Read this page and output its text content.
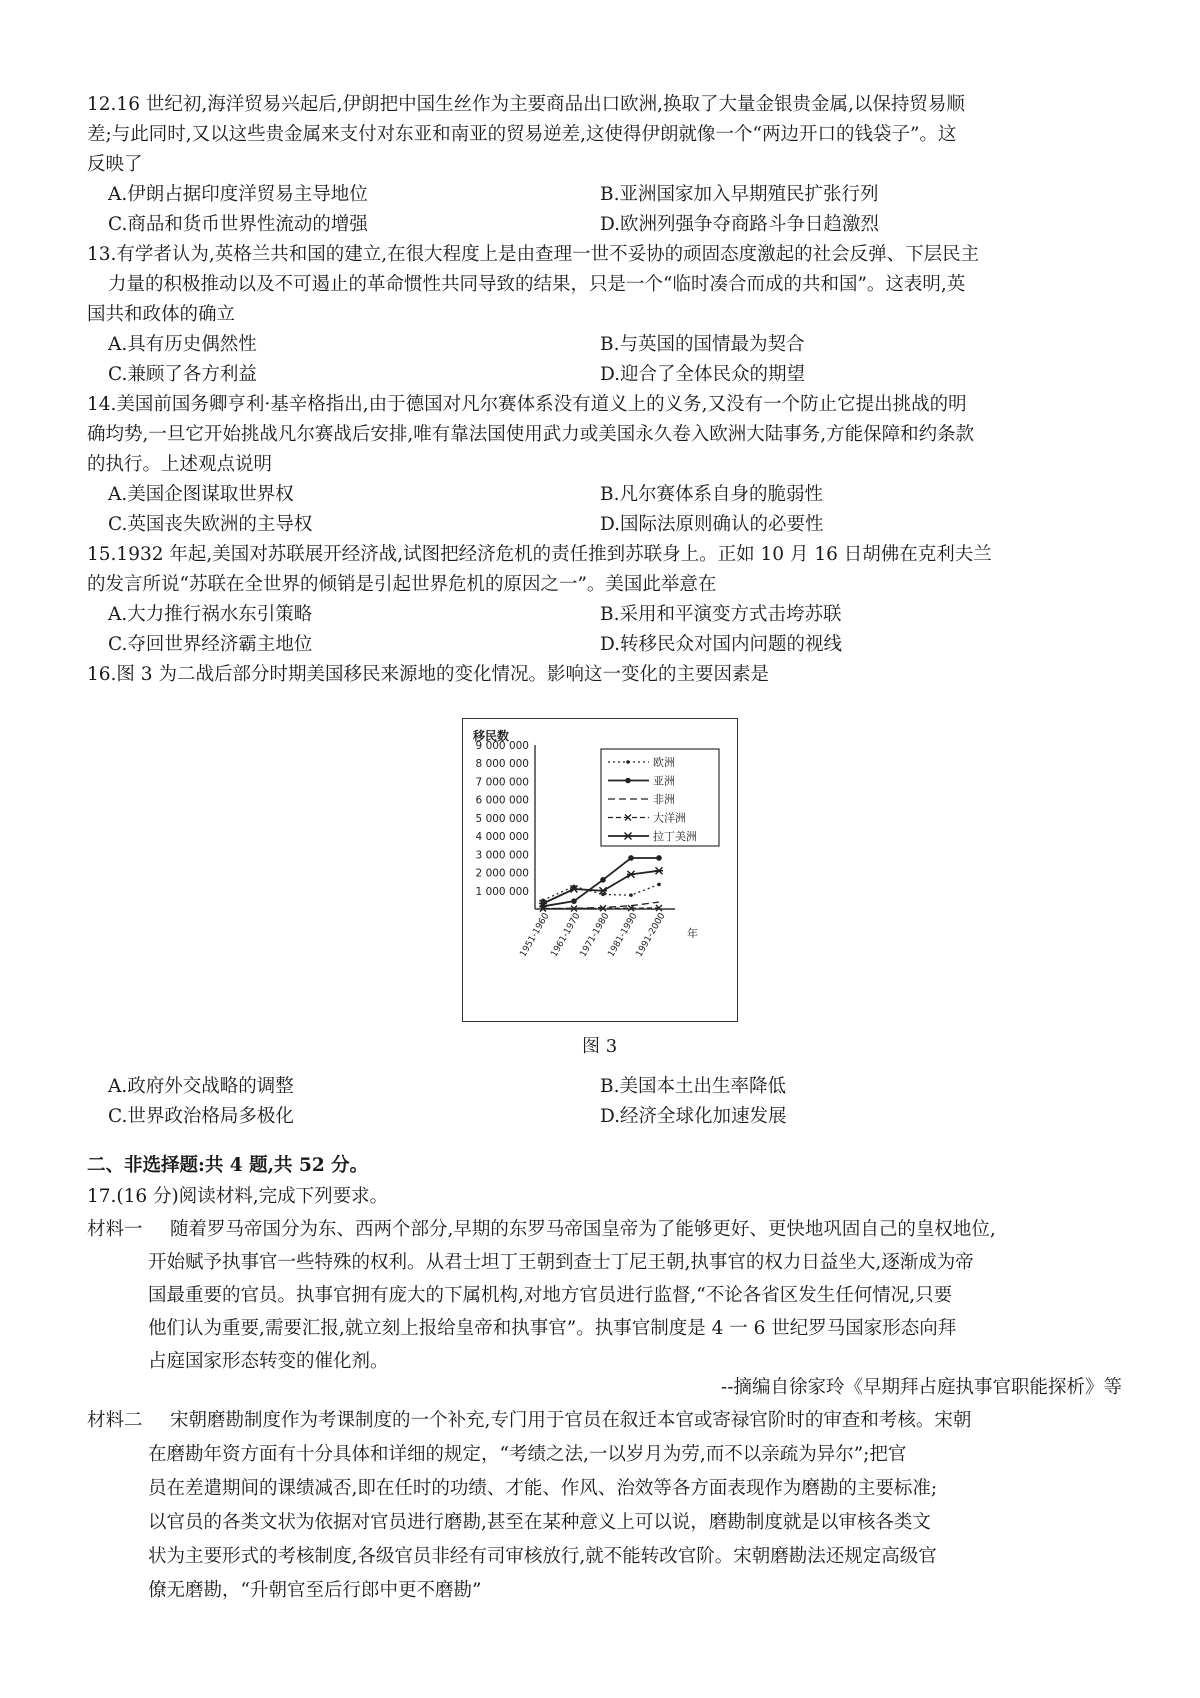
12.16 世纪初,海洋贸易兴起后,伊朗把中国生丝作为主要商品出口欧洲,换取了大量金银贵金属,以保持贸易顺
差;与此同时,又以这些贵金属来支付对东亚和南亚的贸易逆差,这使得伊朗就像一个“两边开口的钱袋子”。这
反映了
A.伊朗占据印度洋贸易主导地位	B.亚洲国家加入早期殖民扩张行列
C.商品和货币世界性流动的增强	D.欧洲列强争夺商路斗争日趋激烈
13.有学者认为,英格兰共和国的建立,在很大程度上是由查理一世不妥协的顽固态度激起的社会反弹、下层民主
力量的积极推动以及不可遏止的革命惯性共同导致的结果，只是一个“临时凑合而成的共和国”。这表明,英
国共和政体的确立
A.具有历史偶然性	B.与英国的国情最为契合
C.兼顾了各方利益	D.迎合了全体民众的期望
14.美国前国务卿亨利·基辛格指出,由于德国对凡尔赛体系没有道义上的义务,又没有一个防止它提出挑战的明
确均势,一旦它开始挑战凡尔赛战后安排,唯有靠法国使用武力或美国永久卷入欧洲大陆事务,方能保障和约条款
的执行。上述观点说明
A.美国企图谋取世界权	B.凡尔赛体系自身的脆弱性
C.英国丧失欧洲的主导权	D.国际法原则确认的必要性
15.1932 年起,美国对苏联展开经济战,试图把经济危机的责任推到苏联身上。正如 10 月 16 日胡佛在克利夫兰
的发言所说“苏联在全世界的倾销是引起世界危机的原因之一”。美国此举意在
A.大力推行祸水东引策略	B.采用和平演变方式击垮苏联
C.夺回世界经济霸主地位	D.转移民众对国内问题的视线
16.图 3 为二战后部分时期美国移民来源地的变化情况。影响这一变化的主要因素是
移民数
9 000 000
8 000 000
7 000 000
6 000 000
5 000 000
4 000 000
3 000 000
2 000 000
1 000 000
1951-1960
1961-1970
1971-1980
1981-1990
1991-2000 年
欧洲
亚洲
非洲
大洋洲
拉丁美洲
图 3
A.政府外交战略的调整	B.美国本土出生率降低
C.世界政治格局多极化	D.经济全球化加速发展
二、非选择题:共 4 题,共 52 分。
17.(16 分)阅读材料,完成下列要求。
材料一 随着罗马帝国分为东、西两个部分,早期的东罗马帝国皇帝为了能够更好、更快地巩固自己的皇权地位,
开始赋予执事官一些特殊的权利。从君士坦丁王朝到查士丁尼王朝,执事官的权力日益坐大,逐渐成为帝
国最重要的官员。执事官拥有庞大的下属机构,对地方官员进行监督,“不论各省区发生任何情况,只要
他们认为重要,需要汇报,就立刻上报给皇帝和执事官”。执事官制度是 4 一 6 世纪罗马国家形态向拜
占庭国家形态转变的催化剂。
--摘编自徐家玲《早期拜占庭执事官职能探析》等
材料二 宋朝磨勘制度作为考课制度的一个补充,专门用于官员在叙迁本官或寄禄官阶时的审查和考核。宋朝
在磨勘年资方面有十分具体和详细的规定，“考绩之法,一以岁月为劳,而不以亲疏为异尔”;把官
员在差遣期间的课绩减否,即在任时的功绩、才能、作风、治效等各方面表现作为磨勘的主要标准;
以官员的各类文状为依据对官员进行磨勘,甚至在某种意义上可以说，磨勘制度就是以审核各类文
状为主要形式的考核制度,各级官员非经有司审核放行,就不能转改官阶。宋朝磨勘法还规定高级官
僚无磨勘，“升朝官至后行郎中更不磨勘”
